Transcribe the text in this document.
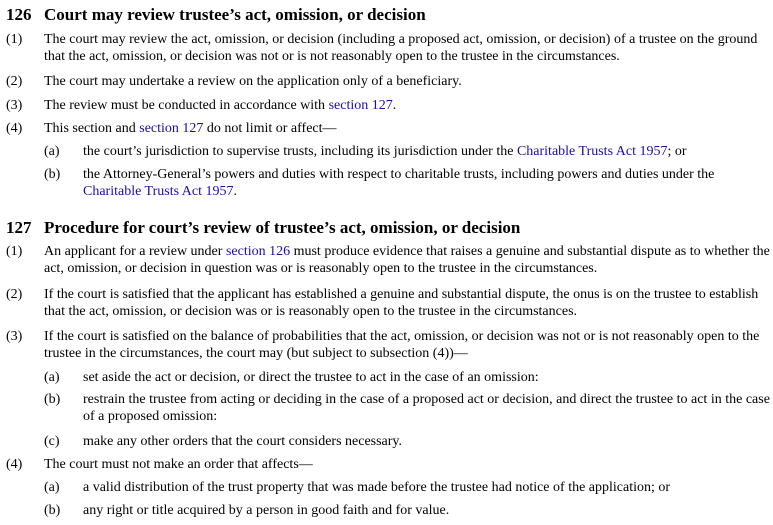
126 Court may review trustee’s act, omission, or decision
(1) The court may review the act, omission, or decision (including a proposed act, omission, or decision) of a trustee on the ground that the act, omission, or decision was not or is not reasonably open to the trustee in the circumstances.
(2) The court may undertake a review on the application only of a beneficiary.
(3) The review must be conducted in accordance with section 127.
(4) This section and section 127 do not limit or affect—
(a) the court’s jurisdiction to supervise trusts, including its jurisdiction under the Charitable Trusts Act 1957; or
(b) the Attorney-General’s powers and duties with respect to charitable trusts, including powers and duties under the Charitable Trusts Act 1957.
127 Procedure for court’s review of trustee’s act, omission, or decision
(1) An applicant for a review under section 126 must produce evidence that raises a genuine and substantial dispute as to whether the act, omission, or decision in question was or is reasonably open to the trustee in the circumstances.
(2) If the court is satisfied that the applicant has established a genuine and substantial dispute, the onus is on the trustee to establish that the act, omission, or decision was or is reasonably open to the trustee in the circumstances.
(3) If the court is satisfied on the balance of probabilities that the act, omission, or decision was not or is not reasonably open to the trustee in the circumstances, the court may (but subject to subsection (4))—
(a) set aside the act or decision, or direct the trustee to act in the case of an omission:
(b) restrain the trustee from acting or deciding in the case of a proposed act or decision, and direct the trustee to act in the case of a proposed omission:
(c) make any other orders that the court considers necessary.
(4) The court must not make an order that affects—
(a) a valid distribution of the trust property that was made before the trustee had notice of the application; or
(b) any right or title acquired by a person in good faith and for value.
